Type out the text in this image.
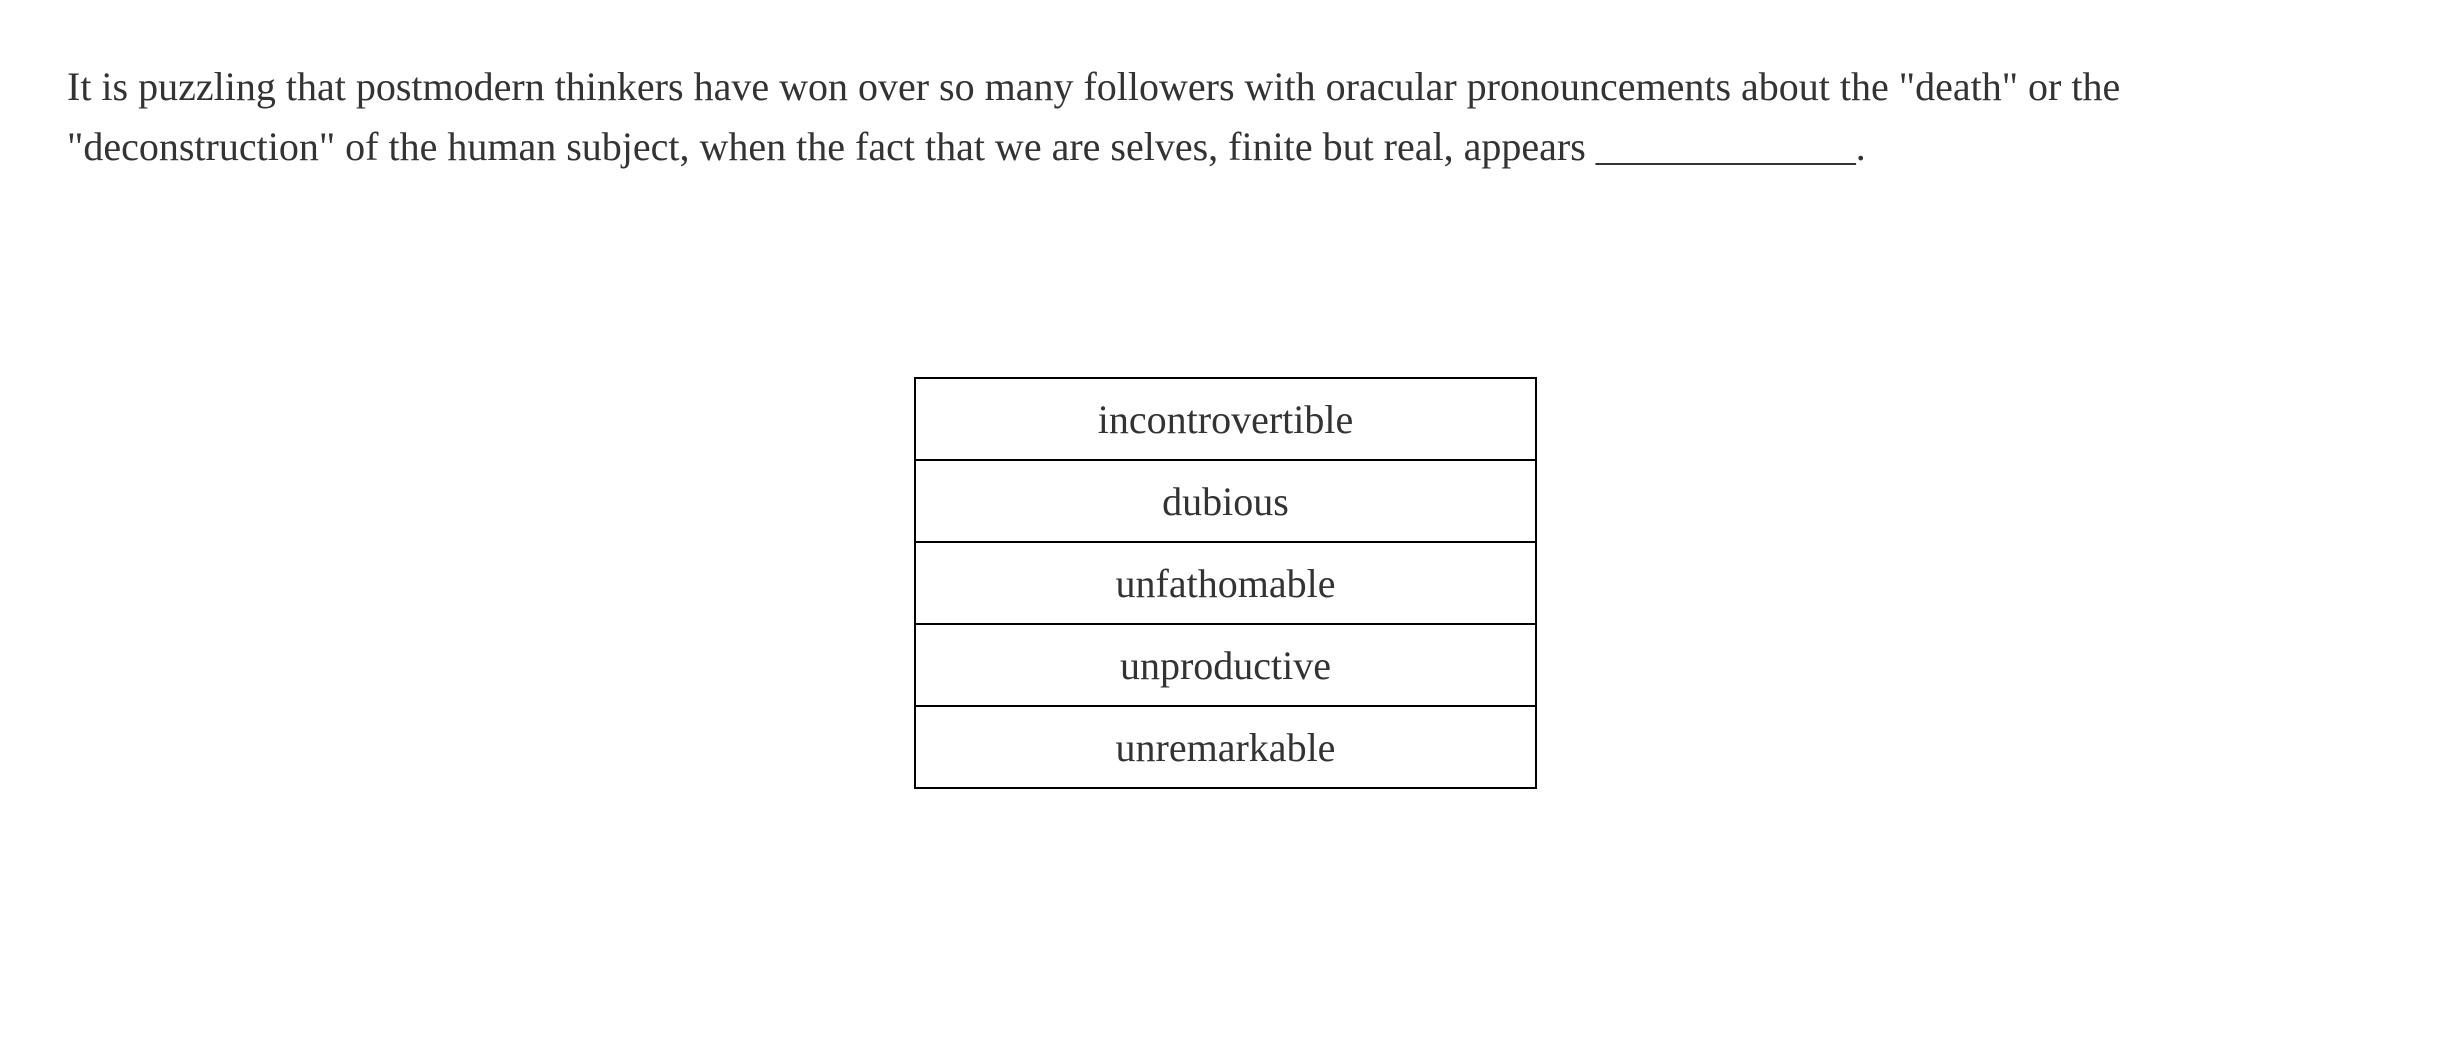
It is puzzling that postmodern thinkers have won over so many followers with oracular pronouncements about the "death" or the
"deconstruction" of the human subject, when the fact that we are selves, finite but real, appears _____________.

incontrovertible
dubious
unfathomable
unproductive
unremarkable
